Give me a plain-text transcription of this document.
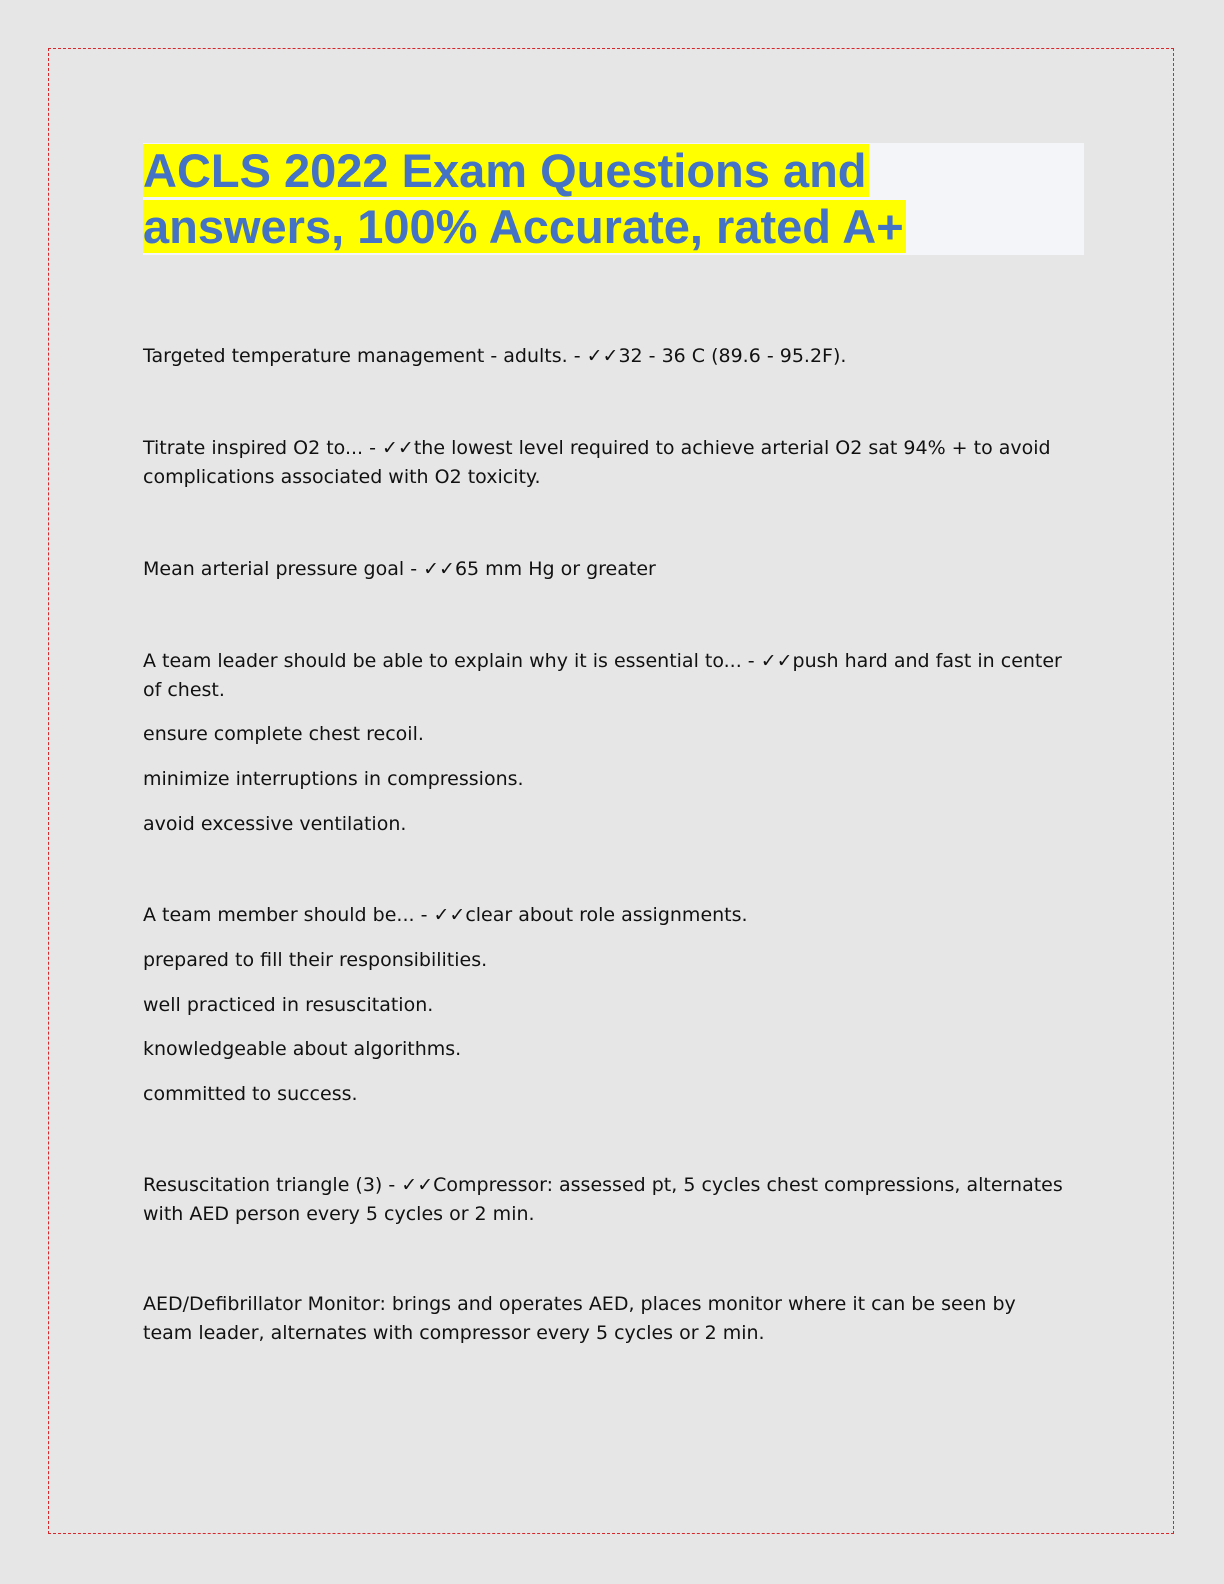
ACLS 2022 Exam Questions and
answers, 100% Accurate, rated A+

Targeted temperature management - adults. - ✓✓32 - 36 C (89.6 - 95.2F).

Titrate inspired O2 to... - ✓✓the lowest level required to achieve arterial O2 sat 94% + to avoid complications associated with O2 toxicity.

Mean arterial pressure goal - ✓✓65 mm Hg or greater

A team leader should be able to explain why it is essential to... - ✓✓push hard and fast in center of chest.

ensure complete chest recoil.

minimize interruptions in compressions.

avoid excessive ventilation.

A team member should be... - ✓✓clear about role assignments.

prepared to fill their responsibilities.

well practiced in resuscitation.

knowledgeable about algorithms.

committed to success.

Resuscitation triangle (3) - ✓✓Compressor: assessed pt, 5 cycles chest compressions, alternates with AED person every 5 cycles or 2 min.

AED/Defibrillator Monitor: brings and operates AED, places monitor where it can be seen by team leader, alternates with compressor every 5 cycles or 2 min.
